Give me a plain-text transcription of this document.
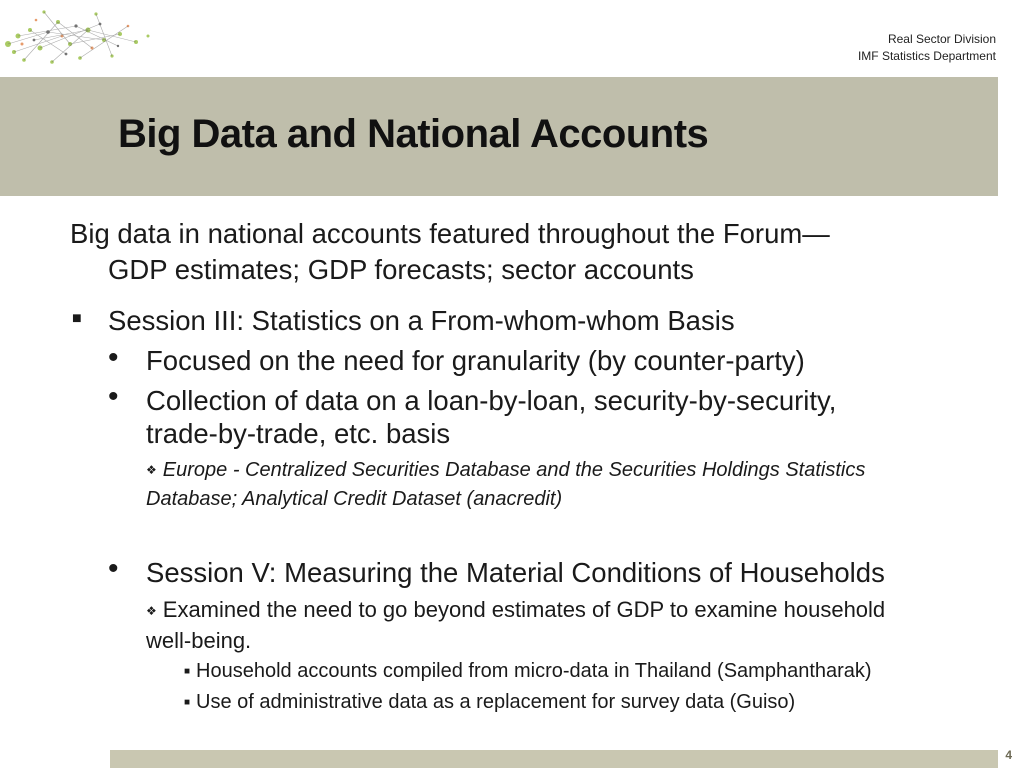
Real Sector Division
IMF Statistics Department
Big Data and National Accounts
Big data in national accounts featured throughout the Forum—
GDP estimates; GDP forecasts; sector accounts
■ Session III: Statistics on a From-whom-whom Basis
• Focused on the need for granularity (by counter-party)
• Collection of data on a loan-by-loan, security-by-security,
trade-by-trade, etc. basis
❖ Europe - Centralized Securities Database and the Securities Holdings Statistics
Database; Analytical Credit Dataset (anacredit)
• Session V: Measuring the Material Conditions of Households
❖ Examined the need to go beyond estimates of GDP to examine household
well-being.
■ Household accounts compiled from micro-data in Thailand (Samphantharak)
■ Use of administrative data as a replacement for survey data (Guiso)
4
